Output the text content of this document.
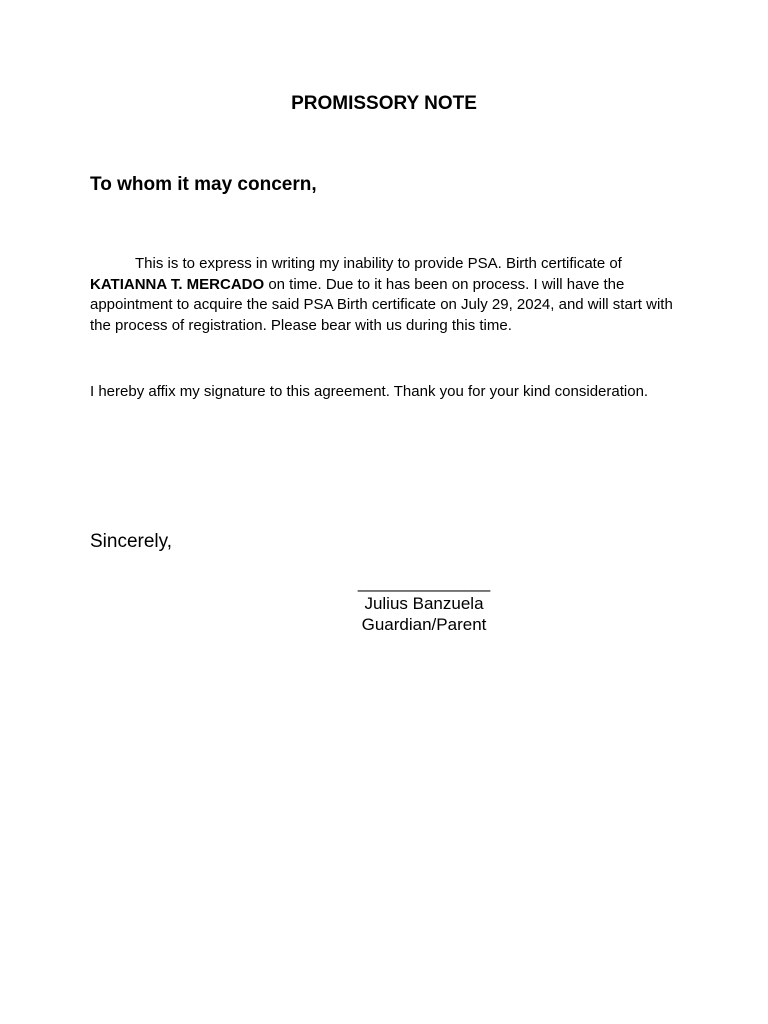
PROMISSORY NOTE

To whom it may concern,

This is to express in writing my inability to provide PSA. Birth certificate of KATIANNA T. MERCADO on time. Due to it has been on process. I will have the appointment to acquire the said PSA Birth certificate on July 29, 2024, and will start with the process of registration. Please bear with us during this time.

I hereby affix my signature to this agreement. Thank you for your kind consideration.

Sincerely,

______________
Julius Banzuela
Guardian/Parent
